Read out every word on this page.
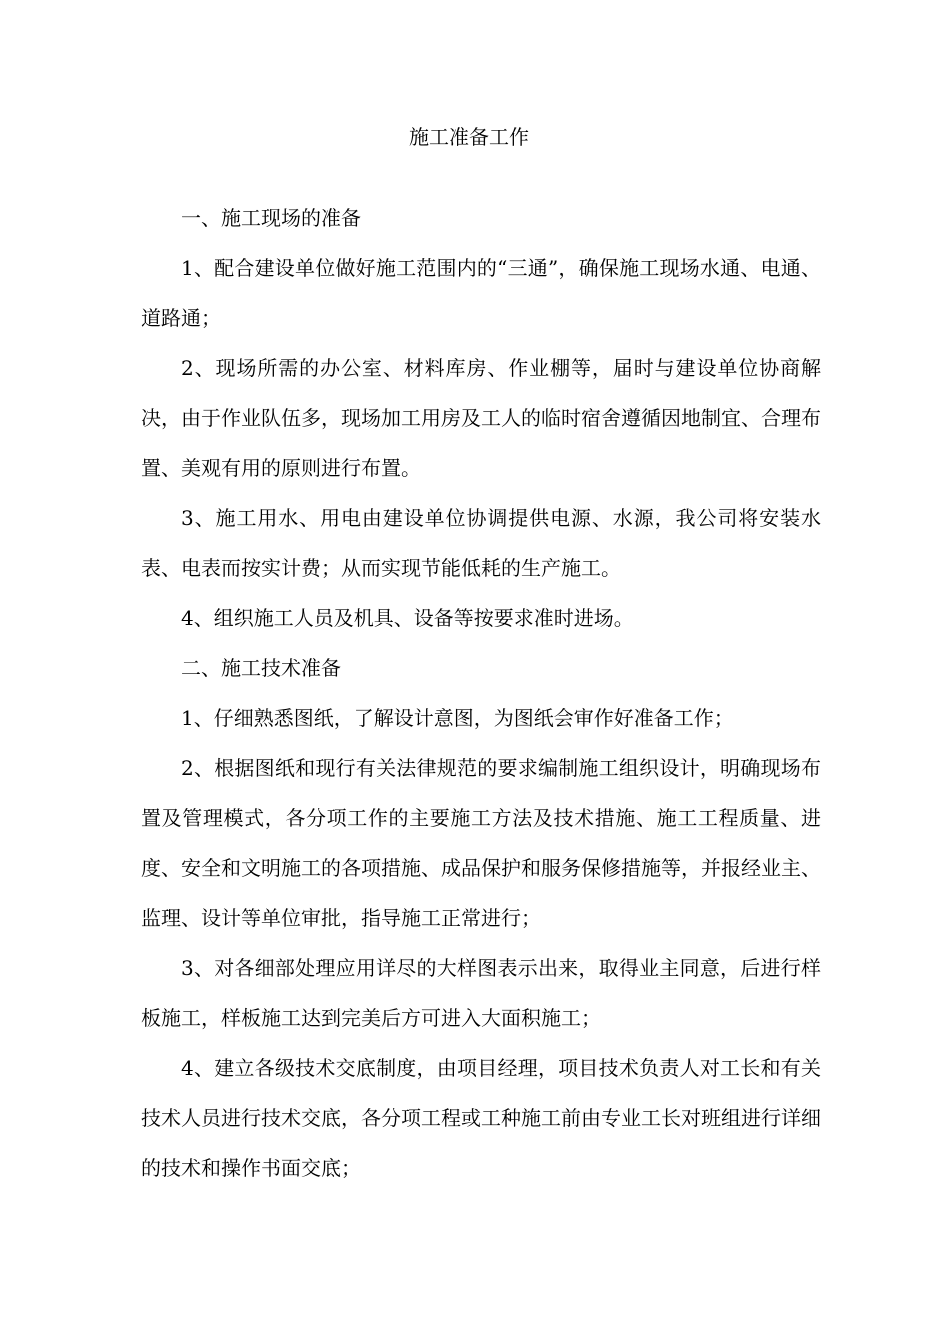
施工准备工作

一、施工现场的准备

1、配合建设单位做好施工范围内的“三通”，确保施工现场水通、电通、道路通；

2、现场所需的办公室、材料库房、作业棚等，届时与建设单位协商解决，由于作业队伍多，现场加工用房及工人的临时宿舍遵循因地制宜、合理布置、美观有用的原则进行布置。

3、施工用水、用电由建设单位协调提供电源、水源，我公司将安装水表、电表而按实计费；从而实现节能低耗的生产施工。

4、组织施工人员及机具、设备等按要求准时进场。

二、施工技术准备

1、仔细熟悉图纸，了解设计意图，为图纸会审作好准备工作；

2、根据图纸和现行有关法律规范的要求编制施工组织设计，明确现场布置及管理模式，各分项工作的主要施工方法及技术措施、施工工程质量、进度、安全和文明施工的各项措施、成品保护和服务保修措施等，并报经业主、监理、设计等单位审批，指导施工正常进行；

3、对各细部处理应用详尽的大样图表示出来，取得业主同意，后进行样板施工，样板施工达到完美后方可进入大面积施工；

4、建立各级技术交底制度，由项目经理，项目技术负责人对工长和有关技术人员进行技术交底，各分项工程或工种施工前由专业工长对班组进行详细的技术和操作书面交底；
